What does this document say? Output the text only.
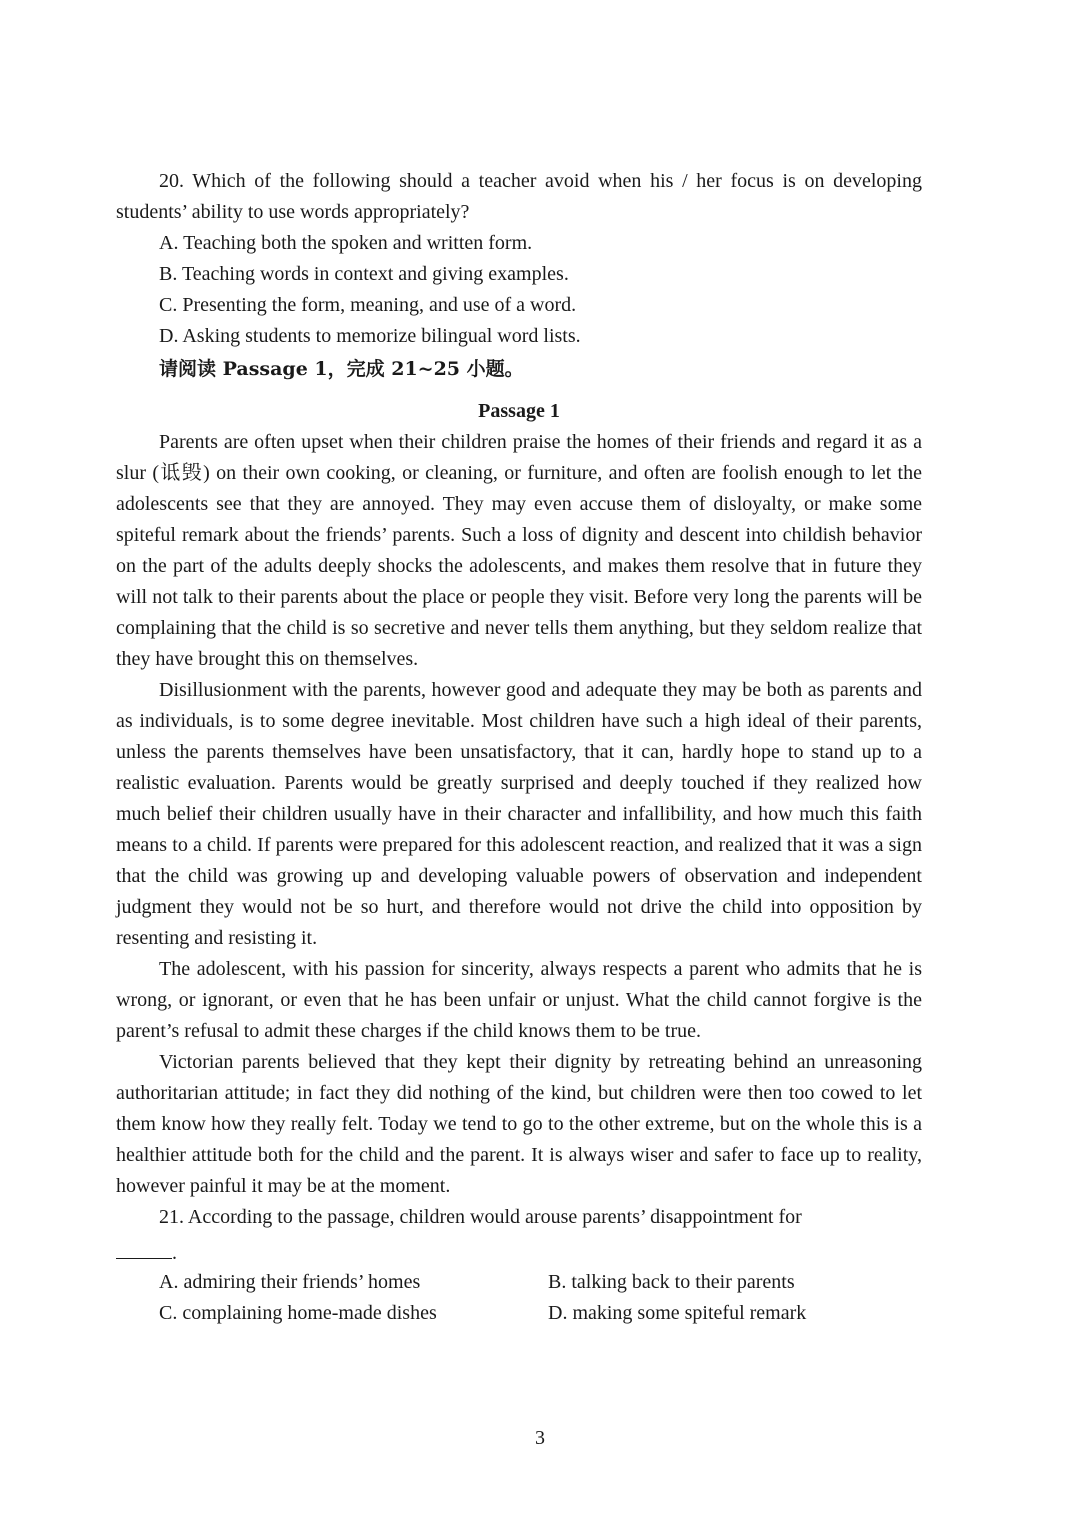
20. Which of the following should a teacher avoid when his / her focus is on developing students’ ability to use words appropriately?

A. Teaching both the spoken and written form.

B. Teaching words in context and giving examples.

C. Presenting the form, meaning, and use of a word.

D. Asking students to memorize bilingual word lists.

请阅读 Passage 1，完成 21~25 小题。

Passage 1

Parents are often upset when their children praise the homes of their friends and regard it as a slur (诋毁) on their own cooking, or cleaning, or furniture, and often are foolish enough to let the adolescents see that they are annoyed. They may even accuse them of disloyalty, or make some spiteful remark about the friends’ parents. Such a loss of dignity and descent into childish behavior on the part of the adults deeply shocks the adolescents, and makes them resolve that in future they will not talk to their parents about the place or people they visit. Before very long the parents will be complaining that the child is so secretive and never tells them anything, but they seldom realize that they have brought this on themselves.

Disillusionment with the parents, however good and adequate they may be both as parents and as individuals, is to some degree inevitable. Most children have such a high ideal of their parents, unless the parents themselves have been unsatisfactory, that it can, hardly hope to stand up to a realistic evaluation. Parents would be greatly surprised and deeply touched if they realized how much belief their children usually have in their character and infallibility, and how much this faith means to a child. If parents were prepared for this adolescent reaction, and realized that it was a sign that the child was growing up and developing valuable powers of observation and independent judgment they would not be so hurt, and therefore would not drive the child into opposition by resenting and resisting it.

The adolescent, with his passion for sincerity, always respects a parent who admits that he is wrong, or ignorant, or even that he has been unfair or unjust. What the child cannot forgive is the parent’s refusal to admit these charges if the child knows them to be true.

Victorian parents believed that they kept their dignity by retreating behind an unreasoning authoritarian attitude; in fact they did nothing of the kind, but children were then too cowed to let them know how they really felt. Today we tend to go to the other extreme, but on the whole this is a healthier attitude both for the child and the parent. It is always wiser and safer to face up to reality, however painful it may be at the moment.

21. According to the passage, children would arouse parents’ disappointment for

.
A. admiring their friends’ homes	B. talking back to their parents
C. complaining home-made dishes	D. making some spiteful remark
3
